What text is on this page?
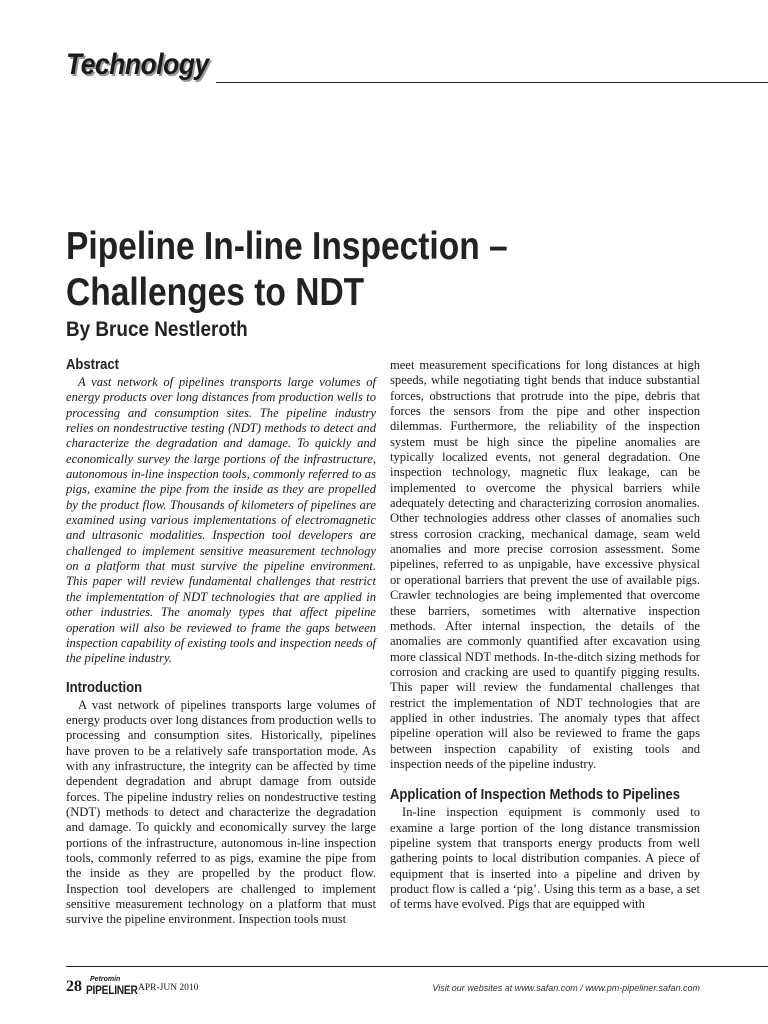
Technology
Pipeline In-line Inspection –
Challenges to NDT
By Bruce Nestleroth
Abstract

A vast network of pipelines transports large volumes of energy products over long distances from production wells to processing and consumption sites. The pipeline industry relies on nondestructive testing (NDT) methods to detect and characterize the degradation and damage. To quickly and economically survey the large portions of the infrastructure, autonomous in-line inspection tools, commonly referred to as pigs, examine the pipe from the inside as they are propelled by the product flow. Thousands of kilometers of pipelines are examined using various implementations of electromagnetic and ultrasonic modalities. Inspection tool developers are challenged to implement sensitive measurement technology on a platform that must survive the pipeline environment. This paper will review fundamental challenges that restrict the implementation of NDT technologies that are applied in other industries. The anomaly types that affect pipeline operation will also be reviewed to frame the gaps between inspection capability of existing tools and inspection needs of the pipeline industry.

Introduction

A vast network of pipelines transports large volumes of energy products over long distances from production wells to processing and consumption sites. Historically, pipelines have proven to be a relatively safe transportation mode. As with any infrastructure, the integrity can be affected by time dependent degradation and abrupt damage from outside forces. The pipeline industry relies on nondestructive testing (NDT) methods to detect and characterize the degradation and damage. To quickly and economically survey the large portions of the infrastructure, autonomous in-line inspection tools, commonly referred to as pigs, examine the pipe from the inside as they are propelled by the product flow. Inspection tool developers are challenged to implement sensitive measurement technology on a platform that must survive the pipeline environment. Inspection tools must

meet measurement specifications for long distances at high speeds, while negotiating tight bends that induce substantial forces, obstructions that protrude into the pipe, debris that forces the sensors from the pipe and other inspection dilemmas. Furthermore, the reliability of the inspection system must be high since the pipeline anomalies are typically localized events, not general degradation. One inspection technology, magnetic flux leakage, can be implemented to overcome the physical barriers while adequately detecting and characterizing corrosion anomalies. Other technologies address other classes of anomalies such stress corrosion cracking, mechanical damage, seam weld anomalies and more precise corrosion assessment. Some pipelines, referred to as unpigable, have excessive physical or operational barriers that prevent the use of available pigs. Crawler technologies are being implemented that overcome these barriers, sometimes with alternative inspection methods. After internal inspection, the details of the anomalies are commonly quantified after excavation using more classical NDT methods. In-the-ditch sizing methods for corrosion and cracking are used to quantify pigging results. This paper will review the fundamental challenges that restrict the implementation of NDT technologies that are applied in other industries. The anomaly types that affect pipeline operation will also be reviewed to frame the gaps between inspection capability of existing tools and inspection needs of the pipeline industry.

Application of Inspection Methods to Pipelines

In-line inspection equipment is commonly used to examine a large portion of the long distance transmission pipeline system that transports energy products from well gathering points to local distribution companies. A piece of equipment that is inserted into a pipeline and driven by product flow is called a ‘pig’. Using this term as a base, a set of terms have evolved. Pigs that are equipped with

28	Petromin
PIPELINER APR-JUN 2010	Visit our websites at www.safan.com / www.pm-pipeliner.safan.com
